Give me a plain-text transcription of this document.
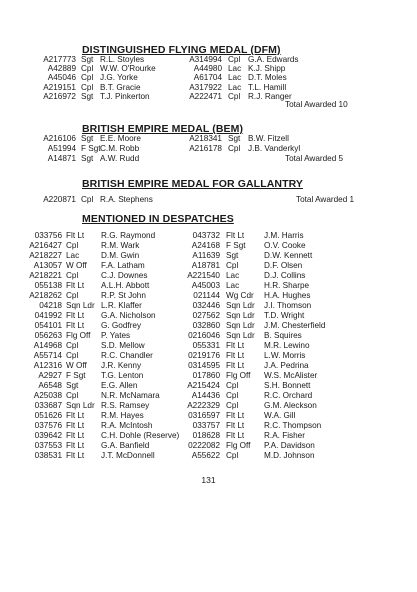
DISTINGUISHED FLYING MEDAL (DFM)
A217773 Sgt R.L. Stoyles	A314994 Cpl G.A. Edwards
A42889 Cpl W.W. O'Rourke	A44980 Lac K.J. Shipp
A45046 Cpl J.G. Yorke	A61704 Lac D.T. Moles
A219151 Cpl B.T. Gracie	A317922 Lac T.L. Hamill
A216972 Sgt T.J. Pinkerton	A222471 Cpl R.J. Ranger
Total Awarded 10
BRITISH EMPIRE MEDAL (BEM)
A216106 Sgt E.E. Moore	A218341 Sgt B.W. Fitzell
A51994 F Sgt C.M. Robb	A216178 Cpl J.B. Vanderkyl
A14871 Sgt A.W. Rudd	Total Awarded 5
BRITISH EMPIRE MEDAL FOR GALLANTRY
A220871 Cpl R.A. Stephens	Total Awarded 1
MENTIONED IN DESPATCHES
033756 Flt Lt R.G. Raymond	043732 Flt Lt J.M. Harris
A216427 Cpl	R.M. Wark	A24168 F Sgt O.V. Cooke
A218227 Lac	D.M. Gwin	A11639 Sgt	D.W. Kennett
A13057 W Off F.A. Latham	A18781 Cpl	D.F. Olsen
A218221 Cpl	C.J. Downes	A221540 Lac	D.J. Collins
055138 Flt Lt A.L.H. Abbott	A45003 Lac	H.R. Sharpe
A218262 Cpl	R.P. St John	021144 Wg Cdr H.A. Hughes
04218 Sqn Ldr L.R. Klaffer	032446 Sqn Ldr J.I. Thomson
041992 Flt Lt G.A. Nicholson	027562 Sqn Ldr T.D. Wright
054101 Flt Lt G. Godfrey	032860 Sqn Ldr J.M. Chesterfield
056263 Flg Off P. Yates	0216046 Sqn Ldr B. Squires
A14968 Cpl	S.D. Mellow	055331 Flt Lt M.R. Lewino
A55714 Cpl	R.C. Chandler	0219176 Flt Lt L.W. Morris
A12316 W Off J.R. Kenny	0314595 Flt Lt J.A. Pedrina
A2927 F Sgt T.G. Lenton	017860 Flg Off W.S. McAlister
A6548 Sgt	E.G. Allen	A215424 Cpl	S.H. Bonnett
A25038 Cpl	N.R. McNamara	A14436 Cpl	R.C. Orchard
033687 Sqn Ldr R.S. Ramsey	A222329 Cpl	G.M. Aleckson
051626 Flt Lt R.M. Hayes	0316597 Flt Lt W.A. Gill
037576 Flt Lt R.A. McIntosh	033757 Flt Lt R.C. Thompson
039642 Flt Lt C.H. Dohle (Reserve)	018628 Flt Lt R.A. Fisher
037553 Flt Lt G.A. Banfield	0222082 Flg Off P.A. Davidson
038531 Flt Lt J.T. McDonnell	A55622 Cpl	M.D. Johnson
131
